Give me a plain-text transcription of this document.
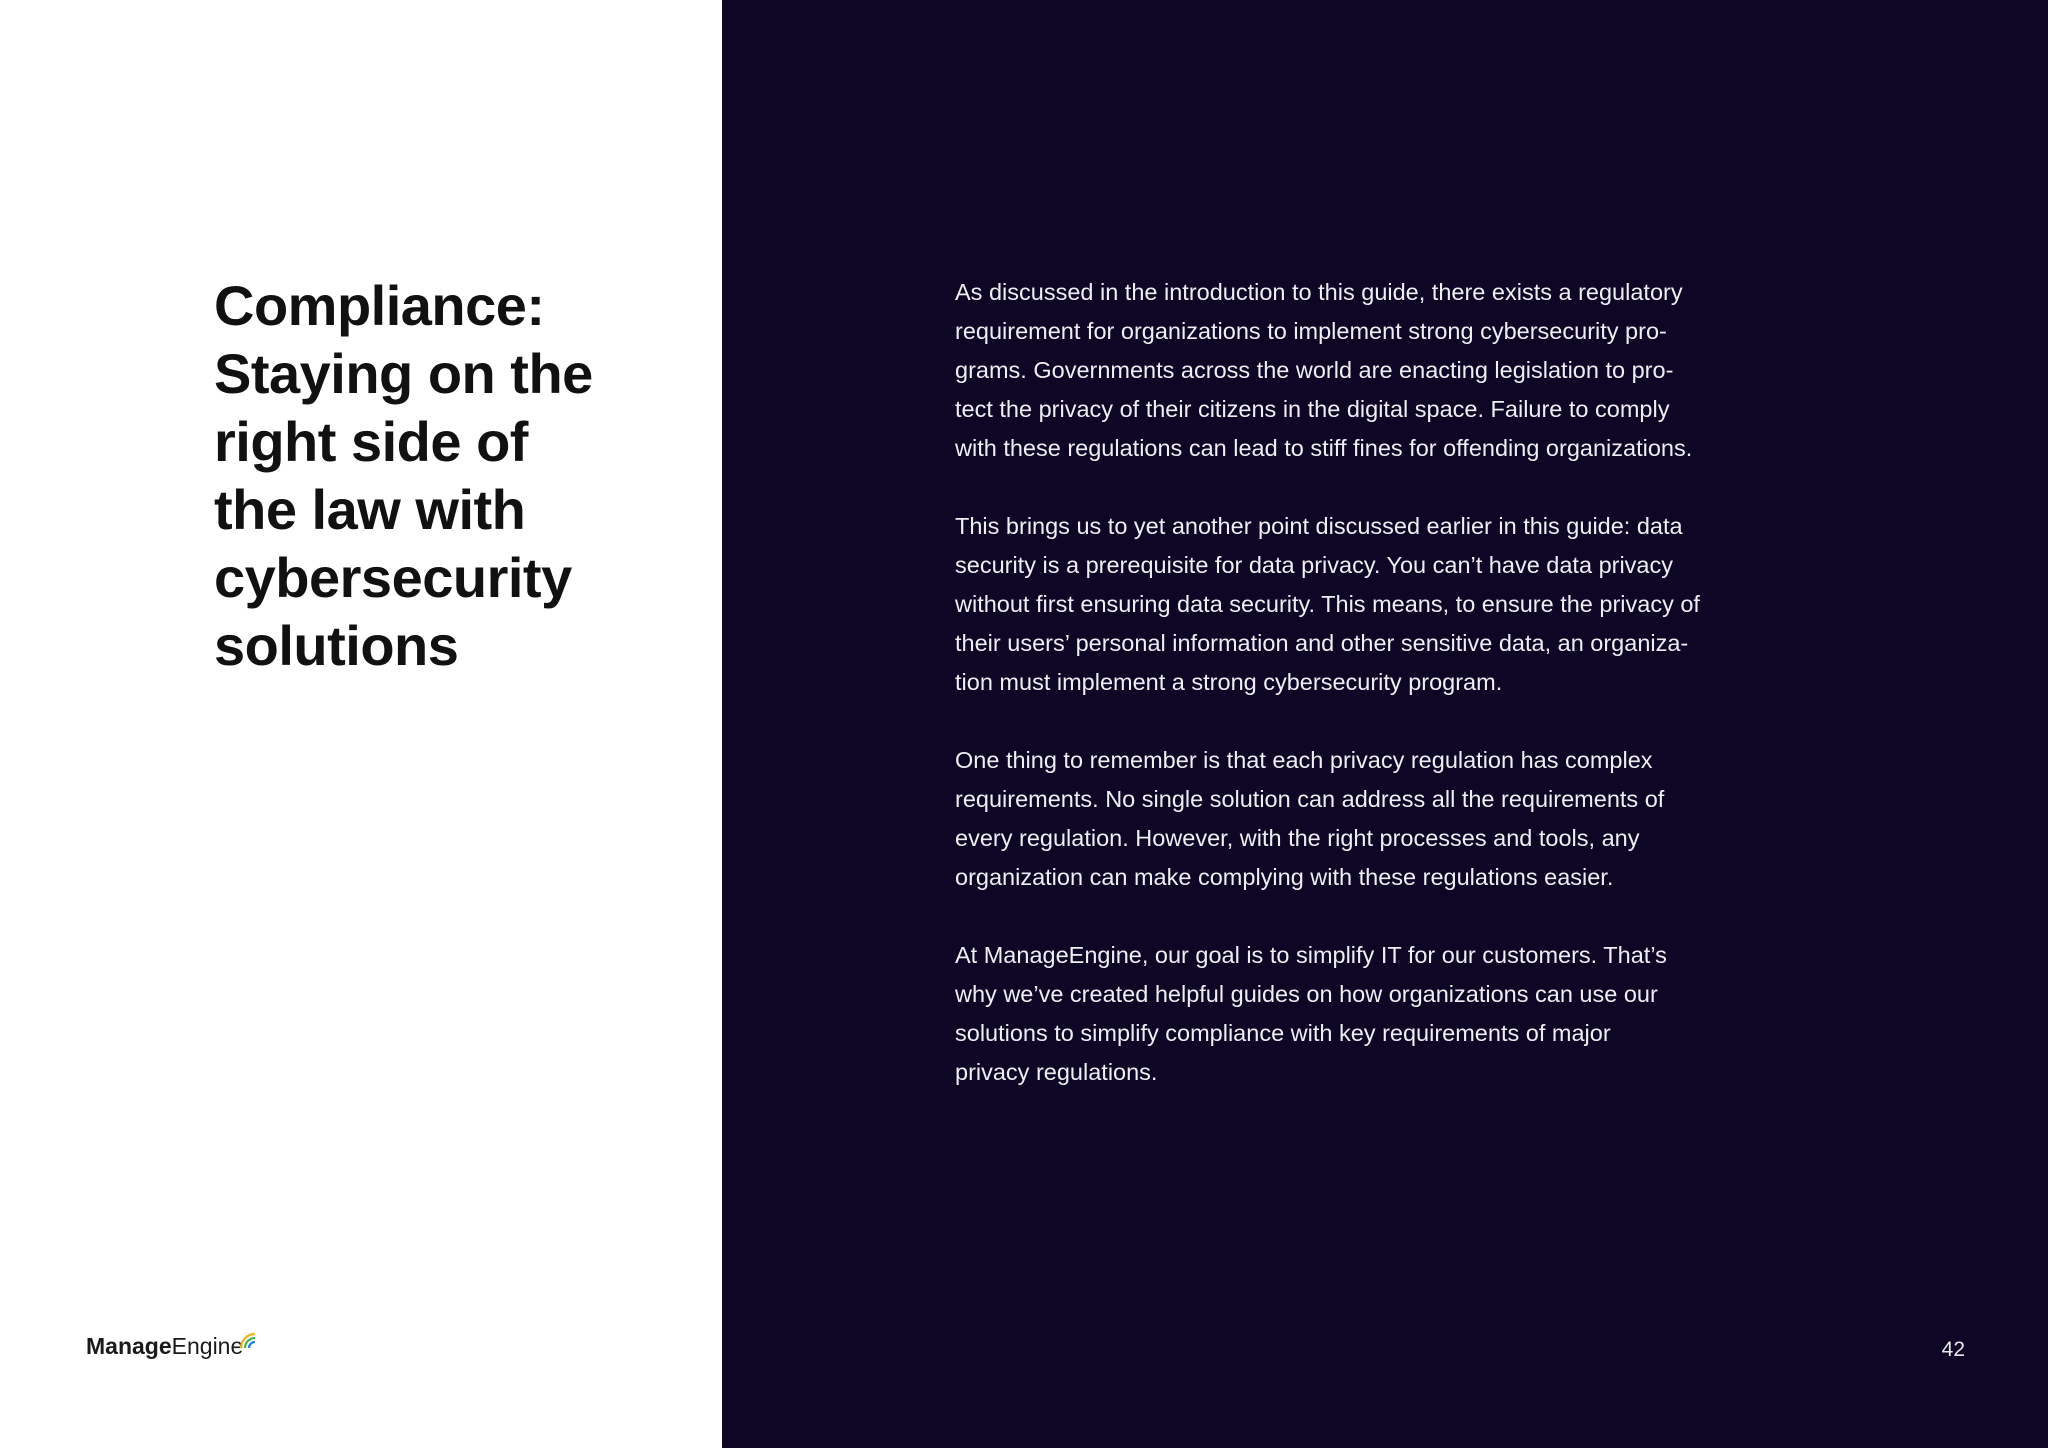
Compliance:
Staying on the
right side of
the law with
cybersecurity
solutions
Manage Engine

As discussed in the introduction to this guide, there exists a regulatory
requirement for organizations to implement strong cybersecurity pro-
grams. Governments across the world are enacting legislation to pro-
tect the privacy of their citizens in the digital space. Failure to comply
with these regulations can lead to stiff fines for offending organizations.

This brings us to yet another point discussed earlier in this guide: data
security is a prerequisite for data privacy. You can’t have data privacy
without first ensuring data security. This means, to ensure the privacy of
their users’ personal information and other sensitive data, an organiza-
tion must implement a strong cybersecurity program.

One thing to remember is that each privacy regulation has complex
requirements. No single solution can address all the requirements of
every regulation. However, with the right processes and tools, any
organization can make complying with these regulations easier.

At ManageEngine, our goal is to simplify IT for our customers. That’s
why we’ve created helpful guides on how organizations can use our
solutions to simplify compliance with key requirements of major
privacy regulations.

42
